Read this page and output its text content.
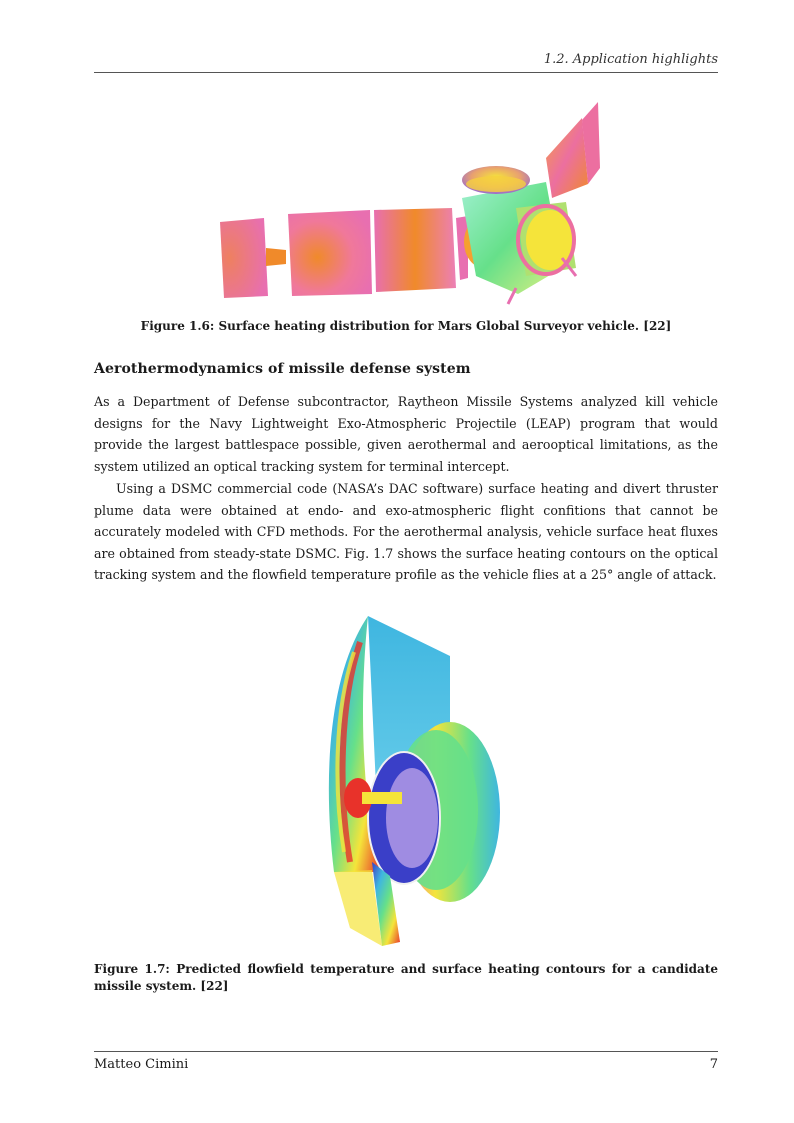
1.2. Application highlights
Figure 1.6: Surface heating distribution for Mars Global Surveyor vehicle. [22]
Aerothermodynamics of missile defense system

As a Department of Defense subcontractor, Raytheon Missile Systems analyzed kill vehicle designs for the Navy Lightweight Exo-Atmospheric Projectile (LEAP) program that would provide the largest battlespace possible, given aerothermal and aerooptical limitations, as the system utilized an optical tracking system for terminal intercept.

Using a DSMC commercial code (NASA’s DAC software) surface heating and divert thruster plume data were obtained at endo- and exo-atmospheric flight confitions that cannot be accurately modeled with CFD methods. For the aerothermal analysis, vehicle surface heat fluxes are obtained from steady-state DSMC. Fig. 1.7 shows the surface heating contours on the optical tracking system and the flowfield temperature profile as the vehicle flies at a 25° angle of attack.

Figure 1.7: Predicted flowfield temperature and surface heating contours for a candidate missile system. [22]
Matteo Cimini	7
